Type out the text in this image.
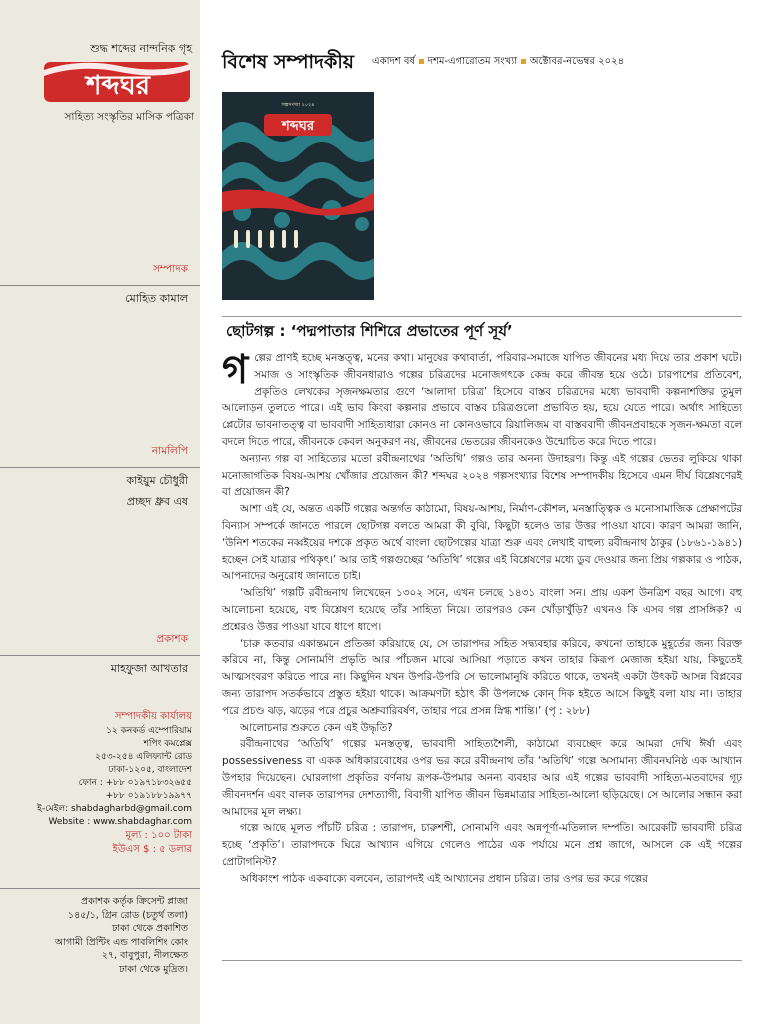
শুদ্ধ শব্দের নান্দনিক গৃহ
শব্দঘর
সাহিত্য সংস্কৃতির মাসিক পত্রিকা
সম্পাদক
মোহিত কামাল
নামলিপি
কাইয়ুম চৌধুরী
প্রচ্ছদ ধ্রুব এষ
প্রকাশক
মাহফুজা আখতার
সম্পাদকীয় কার্যালয়
১২ কনকর্ড এম্পোরিয়াম
শপিং কমপ্লেক্স
২৫৩-২৫৪ এলিফ্যান্ট রোড
ঢাকা-১২০৫, বাংলাদেশ
ফোন : +৮৮ ০১৯৭১৮৩২৬৫৫
+৮৮ ০১৯১৮৮১৯৯৭৭
ই-মেইল: shabdagharbd@gmail.com
Website : www.shabdaghar.com
মূল্য : ১০০ টাকা
ইউএস $ : ৫ ডলার
প্রকাশক কর্তৃক ক্রিসেন্ট প্লাজা
১৪৫/১, গ্রিন রোড (চতুর্থ তলা)
ঢাকা থেকে প্রকাশিত
আগামী প্রিন্টিং এন্ড পাবলিশিং কোং
২৭, বাবুপুরা, নীলক্ষেত
ঢাকা থেকে মুদ্রিত।
বিশেষ সম্পাদকীয় একাদশ বর্ষ ▪ দশম-এগারোতম সংখ্যা ▪ অক্টোবর-নভেম্বর ২০২৪
গল্পসংখ্যা ২০২৪
শব্দঘর
ছোটগল্প : ‘পদ্মপাতার শিশিরে প্রভাতের পূর্ণ সূর্য’

গল্পের প্রাণই হচ্ছে মনস্তত্ত্ব, মনের কথা। মানুষের কথাবার্তা, পরিবার-সমাজে যাপিত জীবনের মধ্য দিয়ে তার প্রকাশ ঘটে। সমাজ ও সাংস্কৃতিক জীবনধারাও গল্পের চরিত্রদের মনোজগৎকে কেন্দ্র করে জীবন্ত হয়ে ওঠে। চারপাশের প্রতিবেশ, প্রকৃতিও লেখকের সৃজনক্ষমতার গুণে ‘আলাদা চরিত্র’ হিসেবে বাস্তব চরিত্রদের মধ্যে ভাববাদী কল্পনাশক্তির তুমুল আলোড়ন তুলতে পারে। এই ভাব কিংবা কল্পনার প্রভাবে বাস্তব চরিত্রগুলো প্রভাবিত হয়, হয়ে যেতে পারে। অর্থাৎ সাহিত্যে প্লেটোর ভাবনাতত্ত্ব বা ভাববাদী সাহিত্যধারা কোনও না কোনওভাবে রিয়ালিজম বা বাস্তববাদী জীবনপ্রবাহকে সৃজন-ক্ষমতা বলে বদলে দিতে পারে, জীবনকে কেবল অনুকরণ নয়, জীবনের ভেতরের জীবনকেও উন্মোচিত করে দিতে পারে।

অন্যান্য গল্প বা সাহিত্যের মতো রবীন্দ্রনাথের ‘অতিথি’ গল্পও তার অনন্য উদাহরণ। কিন্তু এই গল্পের ভেতর লুকিয়ে থাকা মনোজাগতিক বিষয়-আশয় খোঁজার প্রয়োজন কী? শব্দঘর ২০২৪ গল্পসংখ্যার বিশেষ সম্পাদকীয় হিসেবে এমন দীর্ঘ বিশ্লেষণেরই বা প্রয়োজন কী?

আশা এই যে, অন্তত একটি গল্পের অন্তর্গত কাঠামো, বিষয়-আশয়, নির্মাণ-কৌশল, মনস্তাত্ত্বিক ও মনোসামাজিক প্রেক্ষাপটের বিন্যাস সম্পর্কে জানতে পারলে ছোটগল্প বলতে আমরা কী বুঝি, কিছুটা হলেও তার উত্তর পাওয়া যাবে। কারণ আমরা জানি, ‘উনিশ শতকের নব্বইয়ের দশকে প্রকৃত অর্থে বাংলা ছোটগল্পের যাত্রা শুরু এবং লেখাই বাহুল্য রবীন্দ্রনাথ ঠাকুর (১৮৬১-১৯৪১) হচ্ছেন সেই যাত্রার পথিকৃৎ।’ আর তাই গল্পগুচ্ছের ‘অতিথি’ গল্পের এই বিশ্লেষণের মধ্যে ডুব দেওয়ার জন্য প্রিয় গল্পকার ও পাঠক, আপনাদের অনুরোধ জানাতে চাই।

‘অতিথি’ গল্পটি রবীন্দ্রনাথ লিখেছেন ১৩০২ সনে, এখন চলছে ১৪৩১ বাংলা সন। প্রায় একশ উনত্রিশ বছর আগে। বহু আলোচনা হয়েছে, বহু বিশ্লেষণ হয়েছে তাঁর সাহিত্য নিয়ে। তারপরও কেন খোঁড়াখুঁড়ি? এখনও কি এসব গল্প প্রাসঙ্গিক? এ প্রশ্নেরও উত্তর পাওয়া যাবে ধাপে ধাপে।

‘চারু কতবার একান্তমনে প্রতিজ্ঞা করিয়াছে যে, সে তারাপদর সহিত সদ্ব্যবহার করিবে, কখনো তাহাকে মুহূর্তের জন্য বিরক্ত করিবে না, কিন্তু সোনামণি প্রভৃতি আর পাঁচজন মাঝে আসিয়া পড়াতে কখন তাহার কিরূপ মেজাজ হইয়া যায়, কিছুতেই আত্মসংবরণ করিতে পারে না। কিছুদিন যখন উপরি-উপরি সে ভালোমানুষি করিতে থাকে, তখনই একটা উৎকট আসন্ন বিপ্লবের জন্য তারাপদ সতর্কভাবে প্রস্তুত হইয়া থাকে। আক্রমণটা হঠাৎ কী উপলক্ষে কোন্ দিক হইতে আসে কিছুই বলা যায় না। তাহার পরে প্রচণ্ড ঝড়, ঝড়ের পরে প্রচুর অশ্রুবারিবর্ষণ, তাহার পরে প্রসন্ন স্নিগ্ধ শান্তি।’ (পৃ : ২৮৮)

আলোচনার শুরুতে কেন এই উদ্ধৃতি?

রবীন্দ্রনাথের ‘অতিথি’ গল্পের মনস্তত্ত্ব, ভাববাদী সাহিত্যশৈলী, কাঠামো ব্যবচ্ছেদ করে আমরা দেখি ঈর্ষা এবং possessiveness বা একক অধিকারবোধের ওপর ভর করে রবীন্দ্রনাথ তাঁর ‘অতিথি’ গল্পে অসামান্য জীবনঘনিষ্ঠ এক আখ্যান উপহার দিয়েছেন। ঘোরলাগা প্রকৃতির বর্ণনায় রূপক-উপমার অনন্য ব্যবহার আর এই গল্পের ভাববাদী সাহিত্য-মতবাদের গূঢ় জীবনদর্শন এবং বালক তারাপদর দেশত্যাগী, বিবাগী যাপিত জীবন ভিন্নমাত্রার সাহিত্য-আলো ছড়িয়েছে। সে আলোর সন্ধান করা আমাদের মূল লক্ষ্য।

গল্পে আছে মূলত পাঁচটি চরিত্র : তারাপদ, চারুশশী, সোনামণি এবং অন্নপূর্ণা-মতিলাল দম্পতি। আরেকটি ভাববাদী চরিত্র হচ্ছে ‘প্রকৃতি’। তারাপদকে ঘিরে আখ্যান এগিয়ে গেলেও পাঠের এক পর্যায়ে মনে প্রশ্ন জাগে, আসলে কে এই গল্পের প্রোটাগনিস্ট?

অধিকাংশ পাঠক একবাক্যে বলবেন, তারাপদই এই আখ্যানের প্রধান চরিত্র। তার ওপর ভর করে গল্পের
